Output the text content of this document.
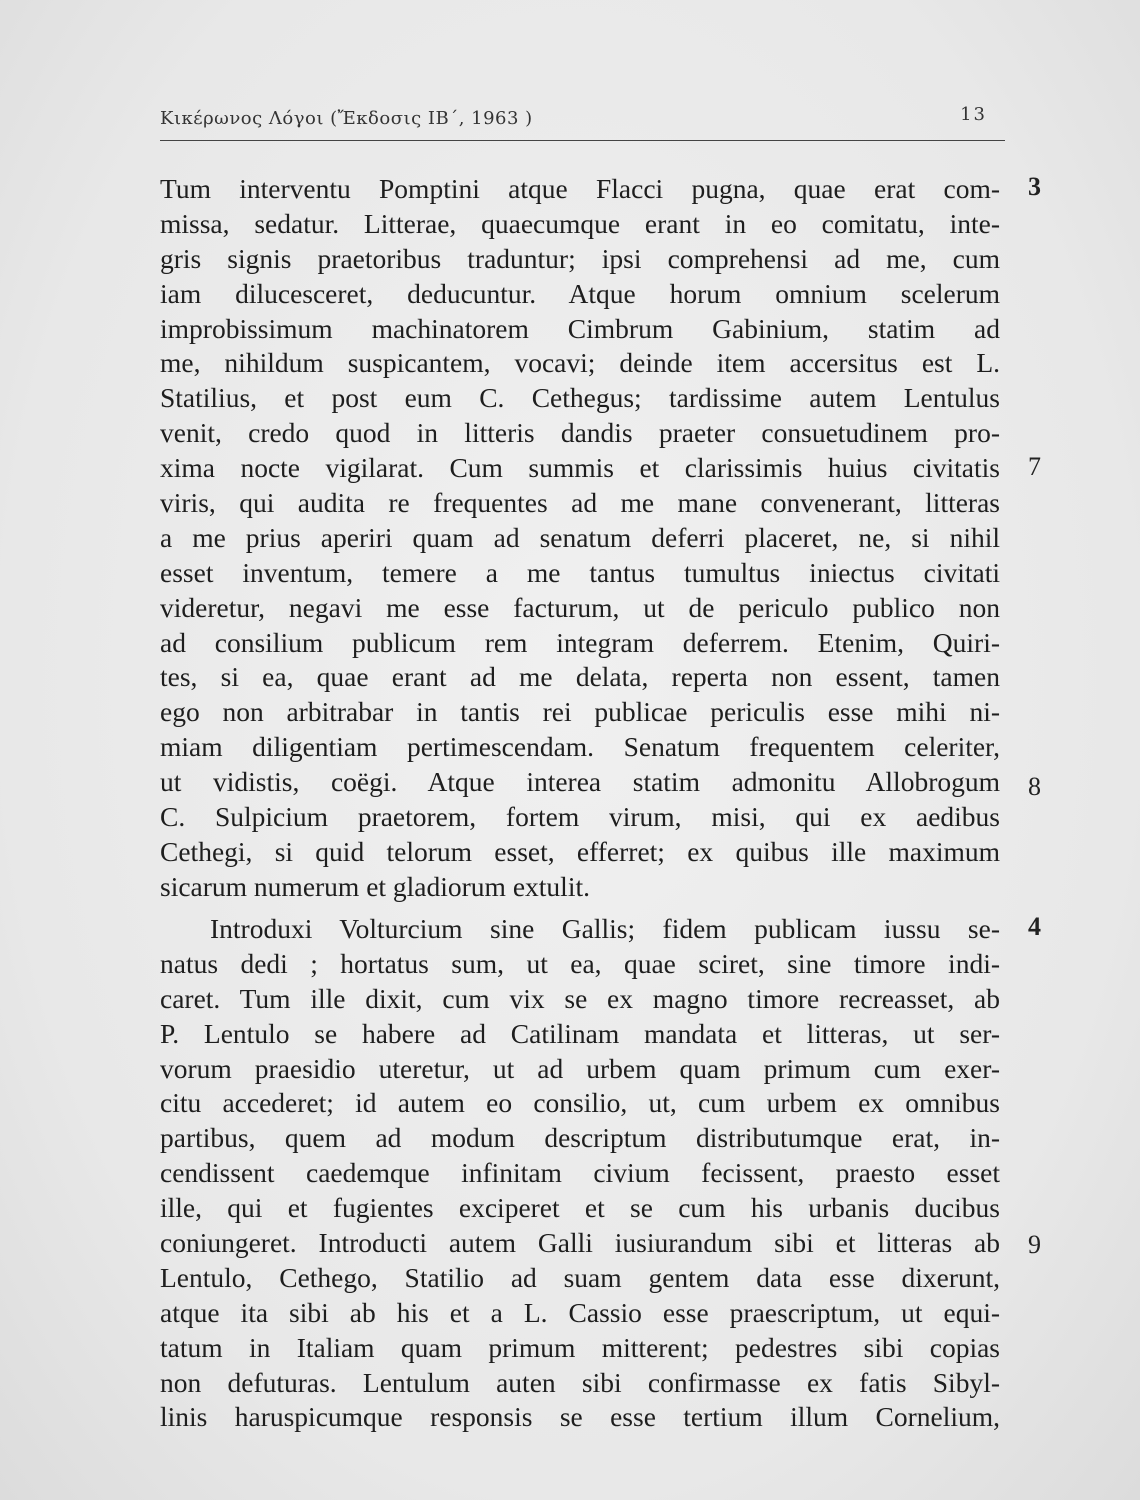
Κικέρωνος Λόγοι (Ἔκδοσις ΙΒ΄, 1963 )	13
Tum interventu Pomptini atque Flacci pugna, quae erat com-
missa, sedatur. Litterae, quaecumque erant in eo comitatu, inte-
gris signis praetoribus traduntur; ipsi comprehensi ad me, cum
iam dilucesceret, deducuntur. Atque horum omnium scelerum
improbissimum machinatorem Cimbrum Gabinium, statim ad
me, nihildum suspicantem, vocavi; deinde item accersitus est L.
Statilius, et post eum C. Cethegus; tardissime autem Lentulus
venit, credo quod in litteris dandis praeter consuetudinem pro-
xima nocte vigilarat. Cum summis et clarissimis huius civitatis
viris, qui audita re frequentes ad me mane convenerant, litteras
a me prius aperiri quam ad senatum deferri placeret, ne, si nihil
esset inventum, temere a me tantus tumultus iniectus civitati
videretur, negavi me esse facturum, ut de periculo publico non
ad consilium publicum rem integram deferrem. Etenim, Quiri-
tes, si ea, quae erant ad me delata, reperta non essent, tamen
ego non arbitrabar in tantis rei publicae periculis esse mihi ni-
miam diligentiam pertimescendam. Senatum frequentem celeriter,
ut vidistis, coëgi. Atque interea statim admonitu Allobrogum
C. Sulpicium praetorem, fortem virum, misi, qui ex aedibus
Cethegi, si quid telorum esset, efferret; ex quibus ille maximum
sicarum numerum et gladiorum extulit.
Introduxi Volturcium sine Gallis; fidem publicam iussu se-
natus dedi ; hortatus sum, ut ea, quae sciret, sine timore indi-
caret. Tum ille dixit, cum vix se ex magno timore recreasset, ab
P. Lentulo se habere ad Catilinam mandata et litteras, ut ser-
vorum praesidio uteretur, ut ad urbem quam primum cum exer-
citu accederet; id autem eo consilio, ut, cum urbem ex omnibus
partibus, quem ad modum descriptum distributumque erat, in-
cendissent caedemque infinitam civium fecissent, praesto esset
ille, qui et fugientes exciperet et se cum his urbanis ducibus
coniungeret. Introducti autem Galli iusiurandum sibi et litteras ab
Lentulo, Cethego, Statilio ad suam gentem data esse dixerunt,
atque ita sibi ab his et a L. Cassio esse praescriptum, ut equi-
tatum in Italiam quam primum mitterent; pedestres sibi copias
non defuturas. Lentulum auten sibi confirmasse ex fatis Sibyl-
linis haruspicumque responsis se esse tertium illum Cornelium,
3
7
8
4
9
